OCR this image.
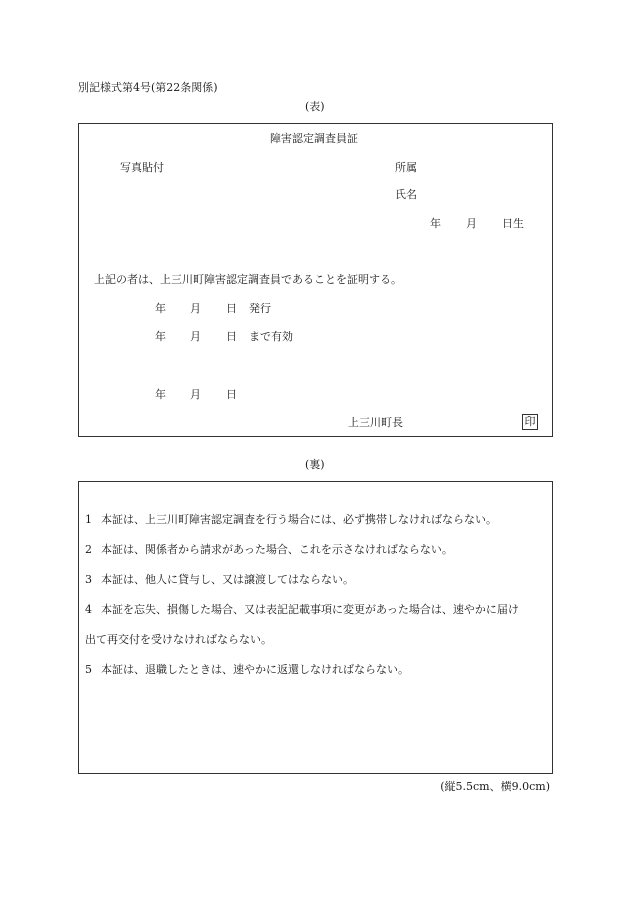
別記様式第4号(第22条関係)
(表)
障害認定調査員証
写真貼付	所属
氏名
年 月 日生
上記の者は、上三川町障害認定調査員であることを証明する。
年 月 日 発行
年 月 日 まで有効
年 月 日
上三川町長	印
(裏)
1 本証は、上三川町障害認定調査を行う場合には、必ず携帯しなければならない。
2 本証は、関係者から請求があった場合、これを示さなければならない。
3 本証は、他人に貸与し、又は譲渡してはならない。
4 本証を忘失、損傷した場合、又は表記記載事項に変更があった場合は、速やかに届け
出て再交付を受けなければならない。
5 本証は、退職したときは、速やかに返還しなければならない。
(縦5.5cm、横9.0cm)
